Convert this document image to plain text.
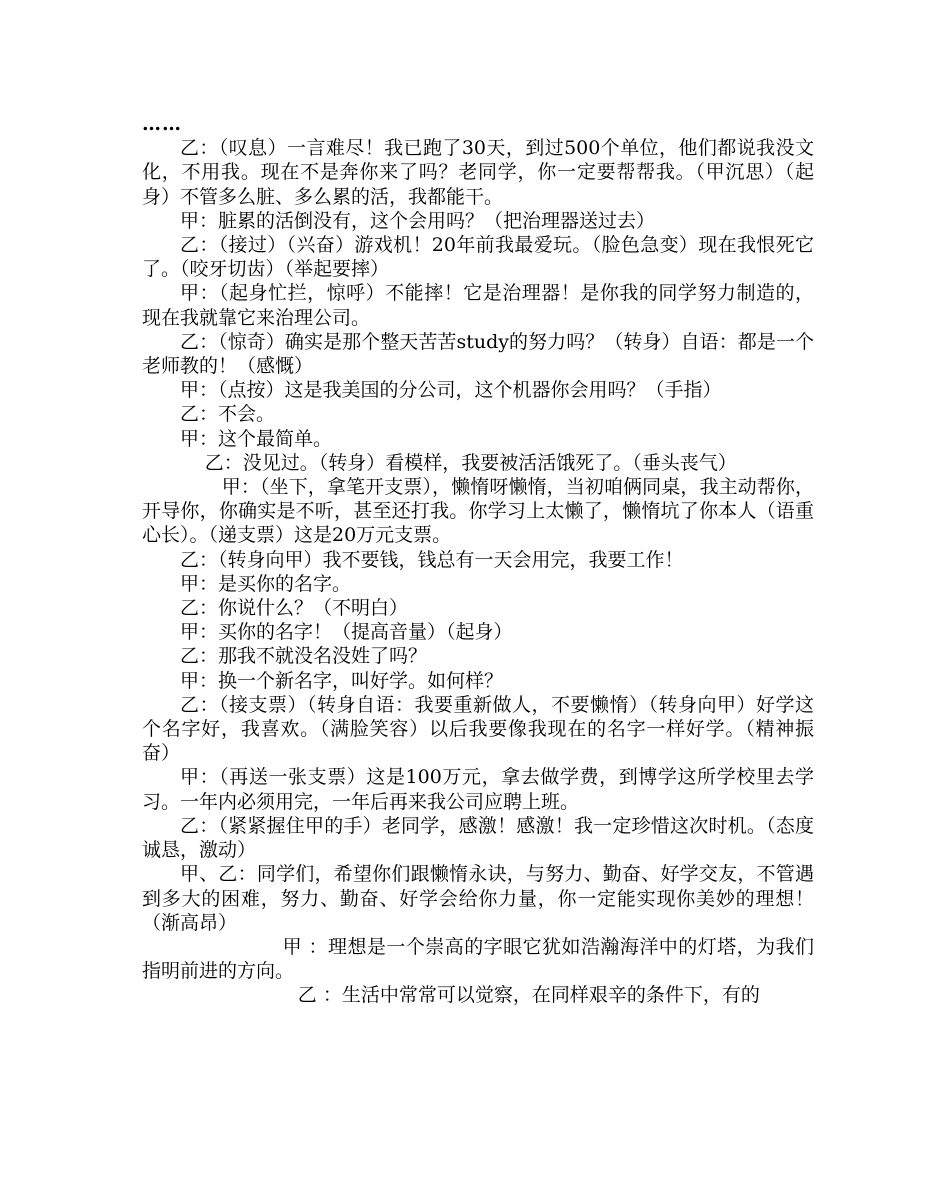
……

乙：（叹息）一言难尽！我已跑了30天，到过500个单位，他们都说我没文化，不用我。现在不是奔你来了吗？老同学，你一定要帮帮我。（甲沉思）（起身）不管多么脏、多么累的活，我都能干。

甲：脏累的活倒没有，这个会用吗？（把治理器送过去）

乙：（接过）（兴奋）游戏机！20年前我最爱玩。（脸色急变）现在我恨死它了。（咬牙切齿）（举起要摔）

甲：（起身忙拦，惊呼）不能摔！它是治理器！是你我的同学努力制造的，现在我就靠它来治理公司。

乙：（惊奇）确实是那个整天苦苦study的努力吗？（转身）自语：都是一个老师教的！（感慨）

甲：（点按）这是我美国的分公司，这个机器你会用吗？（手指）

乙：不会。

甲：这个最简单。

乙：没见过。（转身）看模样，我要被活活饿死了。（垂头丧气）

甲：（坐下，拿笔开支票），懒惰呀懒惰，当初咱俩同桌，我主动帮你，开导你，你确实是不听，甚至还打我。你学习上太懒了，懒惰坑了你本人（语重心长）。（递支票）这是20万元支票。

乙：（转身向甲）我不要钱，钱总有一天会用完，我要工作！

甲：是买你的名字。

乙：你说什么？（不明白）

甲：买你的名字！（提高音量）（起身）

乙：那我不就没名没姓了吗？

甲：换一个新名字，叫好学。如何样？

乙：（接支票）（转身自语：我要重新做人，不要懒惰）（转身向甲）好学这个名字好，我喜欢。（满脸笑容）以后我要像我现在的名字一样好学。（精神振奋）

甲：（再送一张支票）这是100万元，拿去做学费，到博学这所学校里去学习。一年内必须用完，一年后再来我公司应聘上班。

乙：（紧紧握住甲的手）老同学，感激！感激！我一定珍惜这次时机。（态度诚恳，激动）

甲、乙：同学们，希望你们跟懒惰永诀，与努力、勤奋、好学交友，不管遇到多大的困难，努力、勤奋、好学会给你力量，你一定能实现你美妙的理想！（渐高昂）

甲 ：理想是一个崇高的字眼它犹如浩瀚海洋中的灯塔，为我们指明前进的方向。

乙 ：生活中常常可以觉察，在同样艰辛的条件下，有的
